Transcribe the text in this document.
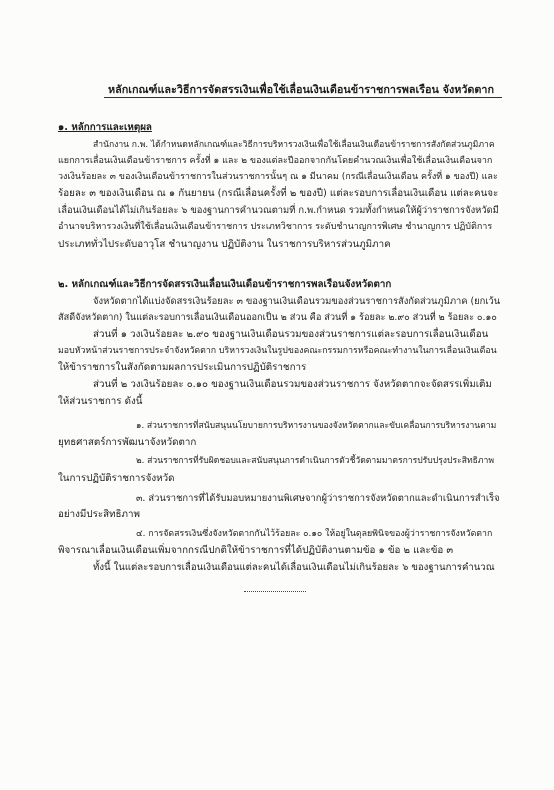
หลักเกณฑ์และวิธีการจัดสรรเงินเพื่อใช้เลื่อนเงินเดือนข้าราชการพลเรือน จังหวัดตาก

๑. หลักการและเหตุผล

สำนักงาน ก.พ. ได้กำหนดหลักเกณฑ์และวิธีการบริหารวงเงินเพื่อใช้เลื่อนเงินเดือนข้าราชการสังกัดส่วนภูมิภาค

แยกการเลื่อนเงินเดือนข้าราชการ ครั้งที่ ๑ และ ๒ ของแต่ละปีออกจากกันโดยคำนวณเงินเพื่อใช้เลื่อนเงินเดือนจาก

วงเงินร้อยละ ๓ ของเงินเดือนข้าราชการในส่วนราชการนั้นๆ ณ ๑ มีนาคม (กรณีเลื่อนเงินเดือน ครั้งที่ ๑ ของปี) และ

ร้อยละ ๓ ของเงินเดือน ณ ๑ กันยายน (กรณีเลื่อนครั้งที่ ๒ ของปี) แต่ละรอบการเลื่อนเงินเดือน แต่ละคนจะ

เลื่อนเงินเดือนได้ไม่เกินร้อยละ ๖ ของฐานการคำนวณตามที่ ก.พ.กำหนด รวมทั้งกำหนดให้ผู้ว่าราชการจังหวัดมี

อำนาจบริหารวงเงินที่ใช้เลื่อนเงินเดือนข้าราชการ ประเภทวิชาการ ระดับชำนาญการพิเศษ ชำนาญการ ปฏิบัติการ

ประเภททั่วไประดับอาวุโส ชำนาญงาน ปฏิบัติงาน ในราชการบริหารส่วนภูมิภาค

๒. หลักเกณฑ์และวิธีการจัดสรรเงินเลื่อนเงินเดือนข้าราชการพลเรือนจังหวัดตาก

จังหวัดตากได้แบ่งจัดสรรเงินร้อยละ ๓ ของฐานเงินเดือนรวมของส่วนราชการสังกัดส่วนภูมิภาค (ยกเว้น

สัสดีจังหวัดตาก) ในแต่ละรอบการเลื่อนเงินเดือนออกเป็น ๒ ส่วน คือ ส่วนที่ ๑ ร้อยละ ๒.๙๐ ส่วนที่ ๒ ร้อยละ ๐.๑๐

ส่วนที่ ๑ วงเงินร้อยละ ๒.๙๐ ของฐานเงินเดือนรวมของส่วนราชการแต่ละรอบการเลื่อนเงินเดือน

มอบหัวหน้าส่วนราชการประจำจังหวัดตาก บริหารวงเงินในรูปของคณะกรรมการหรือคณะทำงานในการเลื่อนเงินเดือน

ให้ข้าราชการในสังกัดตามผลการประเมินการปฏิบัติราชการ

ส่วนที่ ๒ วงเงินร้อยละ ๐.๑๐ ของฐานเงินเดือนรวมของส่วนราชการ จังหวัดตากจะจัดสรรเพิ่มเติม

ให้ส่วนราชการ ดังนี้

๑. ส่วนราชการที่สนับสนุนนโยบายการบริหารงานของจังหวัดตากและขับเคลื่อนการบริหารงานตาม

ยุทธศาสตร์การพัฒนาจังหวัดตาก

๒. ส่วนราชการที่รับผิดชอบและสนับสนุนการดำเนินการตัวชี้วัดตามมาตรการปรับปรุงประสิทธิภาพ

ในการปฏิบัติราชการจังหวัด

๓. ส่วนราชการที่ได้รับมอบหมายงานพิเศษจากผู้ว่าราชการจังหวัดตากและดำเนินการสำเร็จ

อย่างมีประสิทธิภาพ

๔. การจัดสรรเงินซึ่งจังหวัดตากกันไว้ร้อยละ ๐.๑๐ ให้อยู่ในดุลยพินิจของผู้ว่าราชการจังหวัดตาก

พิจารณาเลื่อนเงินเดือนเพิ่มจากกรณีปกติให้ข้าราชการที่ได้ปฏิบัติงานตามข้อ ๑ ข้อ ๒ และข้อ ๓

ทั้งนี้ ในแต่ละรอบการเลื่อนเงินเดือนแต่ละคนได้เลื่อนเงินเดือนไม่เกินร้อยละ ๖ ของฐานการคำนวณ
